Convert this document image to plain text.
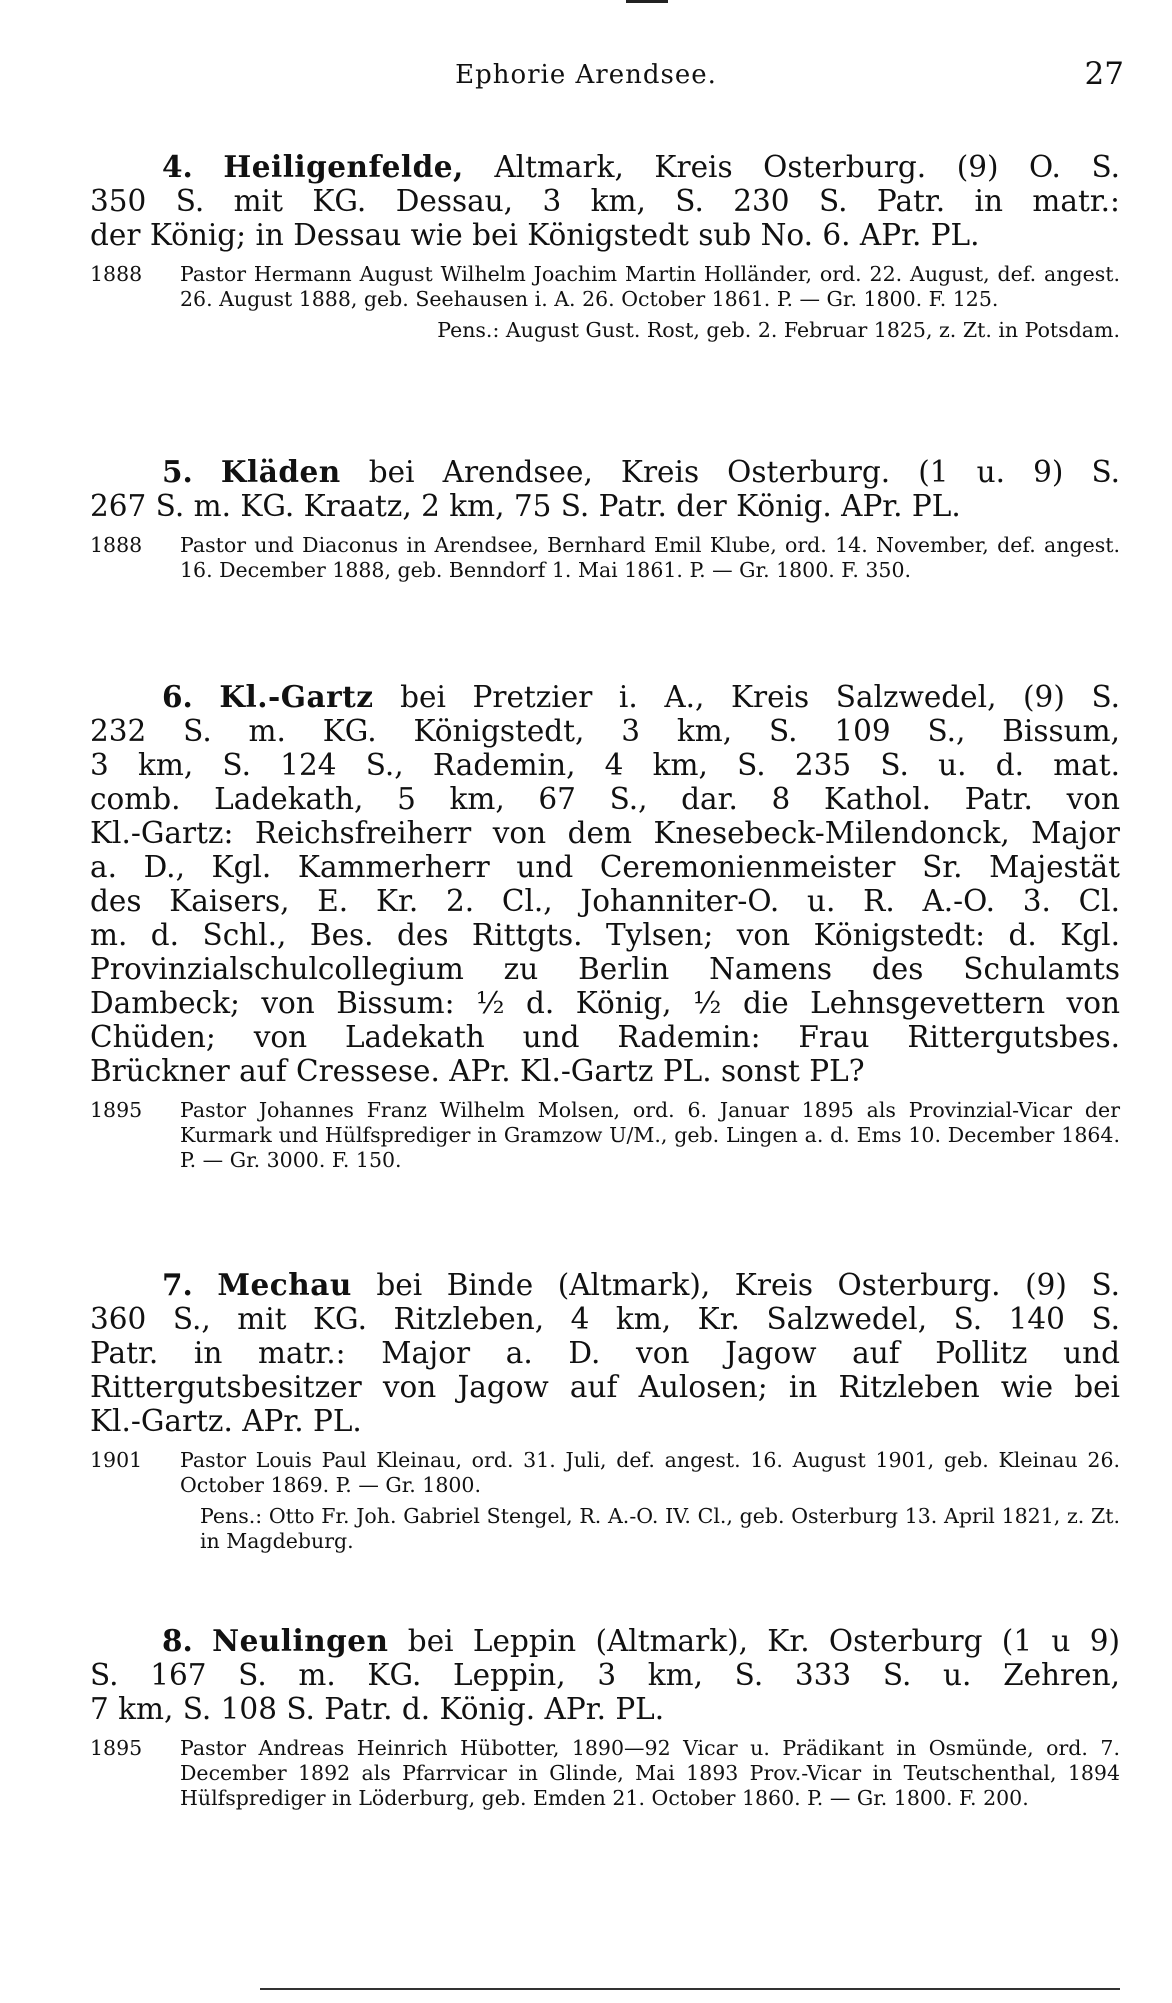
Ephorie Arendsee.	27

4. Heiligenfelde, Altmark, Kreis Osterburg. (9) O. S.

350 S. mit KG. Dessau, 3 km, S. 230 S. Patr. in matr.:

der König; in Dessau wie bei Königstedt sub No. 6. APr. PL.

1888 Pastor Hermann August Wilhelm Joachim Martin Holländer, ord. 22. August, def. angest. 26. August 1888, geb. Seehausen i. A. 26. October 1861. P. — Gr. 1800. F. 125.
Pens.: August Gust. Rost, geb. 2. Februar 1825, z. Zt. in Potsdam.

5. Kläden bei Arendsee, Kreis Osterburg. (1 u. 9) S.

267 S. m. KG. Kraatz, 2 km, 75 S. Patr. der König. APr. PL.

1888 Pastor und Diaconus in Arendsee, Bernhard Emil Klube, ord. 14. November, def. angest. 16. December 1888, geb. Benndorf 1. Mai 1861. P. — Gr. 1800. F. 350.

6. Kl.-Gartz bei Pretzier i. A., Kreis Salzwedel, (9) S.

232 S. m. KG. Königstedt, 3 km, S. 109 S., Bissum,

3 km, S. 124 S., Rademin, 4 km, S. 235 S. u. d. mat.

comb. Ladekath, 5 km, 67 S., dar. 8 Kathol. Patr. von

Kl.-Gartz: Reichsfreiherr von dem Knesebeck-Milendonck, Major

a. D., Kgl. Kammerherr und Ceremonienmeister Sr. Majestät

des Kaisers, E. Kr. 2. Cl., Johanniter-O. u. R. A.-O. 3. Cl.

m. d. Schl., Bes. des Rittgts. Tylsen; von Königstedt: d. Kgl.

Provinzialschulcollegium zu Berlin Namens des Schulamts

Dambeck; von Bissum: ½ d. König, ½ die Lehnsgevettern von

Chüden; von Ladekath und Rademin: Frau Rittergutsbes.

Brückner auf Cressese. APr. Kl.-Gartz PL. sonst PL?

1895 Pastor Johannes Franz Wilhelm Molsen, ord. 6. Januar 1895 als Provinzial-Vicar der Kurmark und Hülfsprediger in Gramzow U/M., geb. Lingen a. d. Ems 10. December 1864. P. — Gr. 3000. F. 150.

7. Mechau bei Binde (Altmark), Kreis Osterburg. (9) S.

360 S., mit KG. Ritzleben, 4 km, Kr. Salzwedel, S. 140 S.

Patr. in matr.: Major a. D. von Jagow auf Pollitz und

Rittergutsbesitzer von Jagow auf Aulosen; in Ritzleben wie bei

Kl.-Gartz. APr. PL.

1901 Pastor Louis Paul Kleinau, ord. 31. Juli, def. angest. 16. August 1901, geb. Kleinau 26. October 1869. P. — Gr. 1800.
Pens.: Otto Fr. Joh. Gabriel Stengel, R. A.-O. IV. Cl., geb. Osterburg 13. April 1821, z. Zt. in Magdeburg.

8. Neulingen bei Leppin (Altmark), Kr. Osterburg (1 u 9)

S. 167 S. m. KG. Leppin, 3 km, S. 333 S. u. Zehren,

7 km, S. 108 S. Patr. d. König. APr. PL.

1895 Pastor Andreas Heinrich Hübotter, 1890—92 Vicar u. Prädikant in Osmünde, ord. 7. December 1892 als Pfarrvicar in Glinde, Mai 1893 Prov.-Vicar in Teutschenthal, 1894 Hülfsprediger in Löderburg, geb. Emden 21. October 1860. P. — Gr. 1800. F. 200.
